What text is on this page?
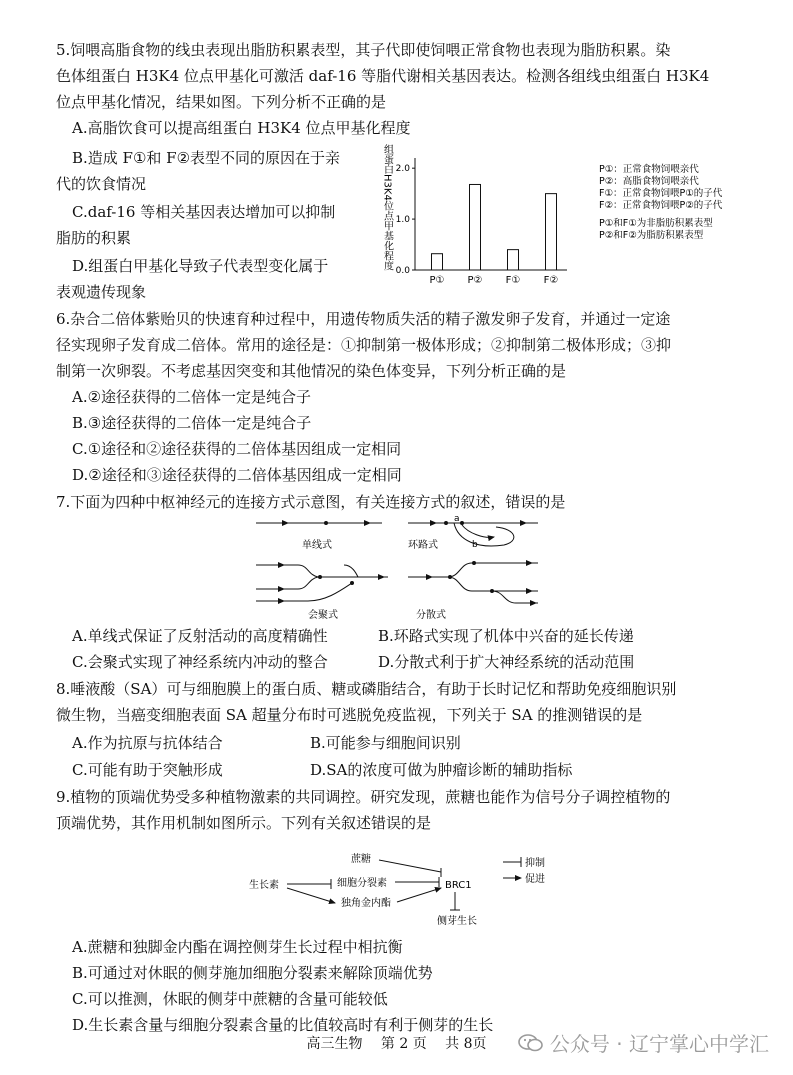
5.饲喂高脂食物的线虫表现出脂肪积累表型，其子代即使饲喂正常食物也表现为脂肪积累。染
色体组蛋白 H3K4 位点甲基化可激活 daf-16 等脂代谢相关基因表达。检测各组线虫组蛋白 H3K4
位点甲基化情况，结果如图。下列分析不正确的是
A.高脂饮食可以提高组蛋白 H3K4 位点甲基化程度
B.造成 F①和 F②表型不同的原因在于亲
代的饮食情况
C.daf-16 等相关基因表达增加可以抑制
脂肪的积累
D.组蛋白甲基化导致子代表型变化属于
表观遗传现象
组蛋白H3K4位点甲基化程度
0.0
1.0
2.0
P① P② F① F②
P①：正常食物饲喂亲代
P②：高脂食物饲喂亲代
F①：正常食物饲喂P①的子代
F②：正常食物饲喂P②的子代
P①和F①为非脂肪积累表型
P②和F②为脂肪积累表型
6.杂合二倍体紫贻贝的快速育种过程中，用遗传物质失活的精子激发卵子发育，并通过一定途
径实现卵子发育成二倍体。常用的途径是：①抑制第一极体形成；②抑制第二极体形成；③抑
制第一次卵裂。不考虑基因突变和其他情况的染色体变异，下列分析正确的是
A.②途径获得的二倍体一定是纯合子
B.③途径获得的二倍体一定是纯合子
C.①途径和②途径获得的二倍体基因组成一定相同
D.②途径和③途径获得的二倍体基因组成一定相同
7.下面为四种中枢神经元的连接方式示意图，有关连接方式的叙述，错误的是
单线式
a
b
环路式
会聚式	分散式
A.单线式保证了反射活动的高度精确性	B.环路式实现了机体中兴奋的延长传递
C.会聚式实现了神经系统内冲动的整合	D.分散式利于扩大神经系统的活动范围
8.唾液酸（SA）可与细胞膜上的蛋白质、糖或磷脂结合，有助于长时记忆和帮助免疫细胞识别
微生物，当癌变细胞表面 SA 超量分布时可逃脱免疫监视，下列关于 SA 的推测错误的是
A.作为抗原与抗体结合	B.可能参与细胞间识别
C.可能有助于突触形成	D.SA的浓度可做为肿瘤诊断的辅助指标
9.植物的顶端优势受多种植物激素的共同调控。研究发现，蔗糖也能作为信号分子调控植物的
顶端优势，其作用机制如图所示。下列有关叙述错误的是
蔗糖
生长素	细胞分裂素
独角金内酯
BRC1
侧芽生长
抑制
促进
A.蔗糖和独脚金内酯在调控侧芽生长过程中相抗衡
B.可通过对休眠的侧芽施加细胞分裂素来解除顶端优势
C.可以推测，休眠的侧芽中蔗糖的含量可能较低
D.生长素含量与细胞分裂素含量的比值较高时有利于侧芽的生长
高三生物　 第 2 页　 共 8页	公众号 · 辽宁掌心中学汇
